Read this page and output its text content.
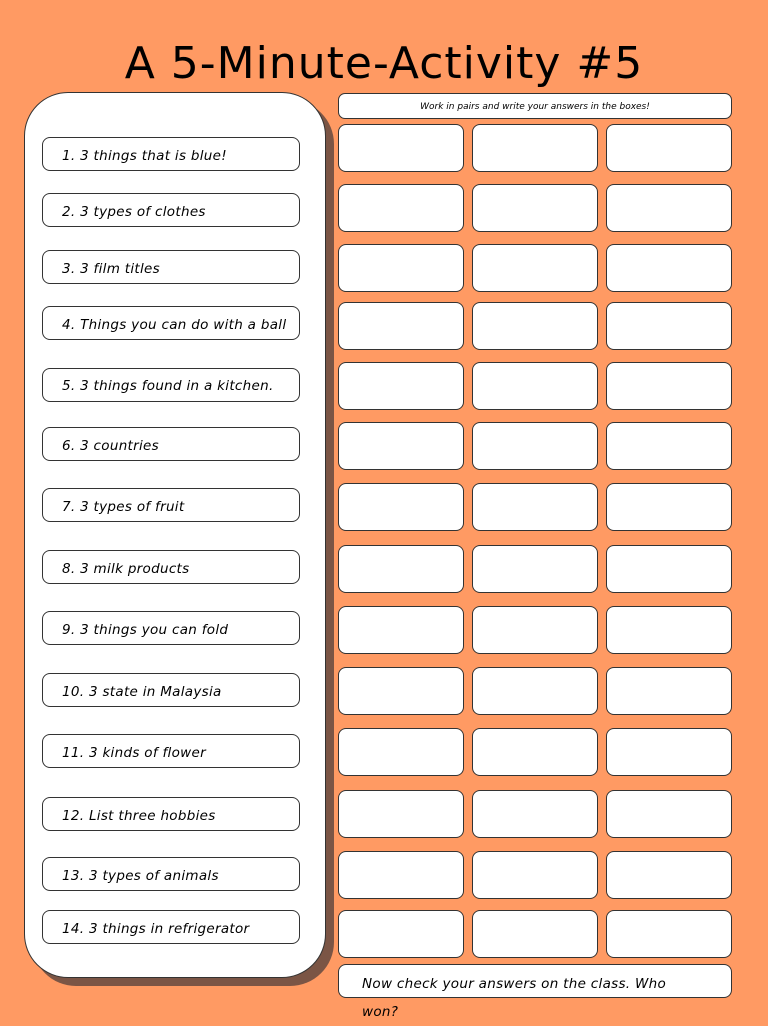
A 5-Minute-Activity #5
Work in pairs and write your answers in the boxes!
1. 3 things that is blue!
2. 3 types of clothes
3. 3 film titles
4. Things you can do with a ball
5. 3 things found in a kitchen.
6. 3 countries
7. 3 types of fruit
8. 3 milk products
9. 3 things you can fold
10. 3 state in Malaysia
11. 3 kinds of flower
12. List three hobbies
13. 3 types of animals
14. 3 things in refrigerator
Now check your answers on the class. Who won?
